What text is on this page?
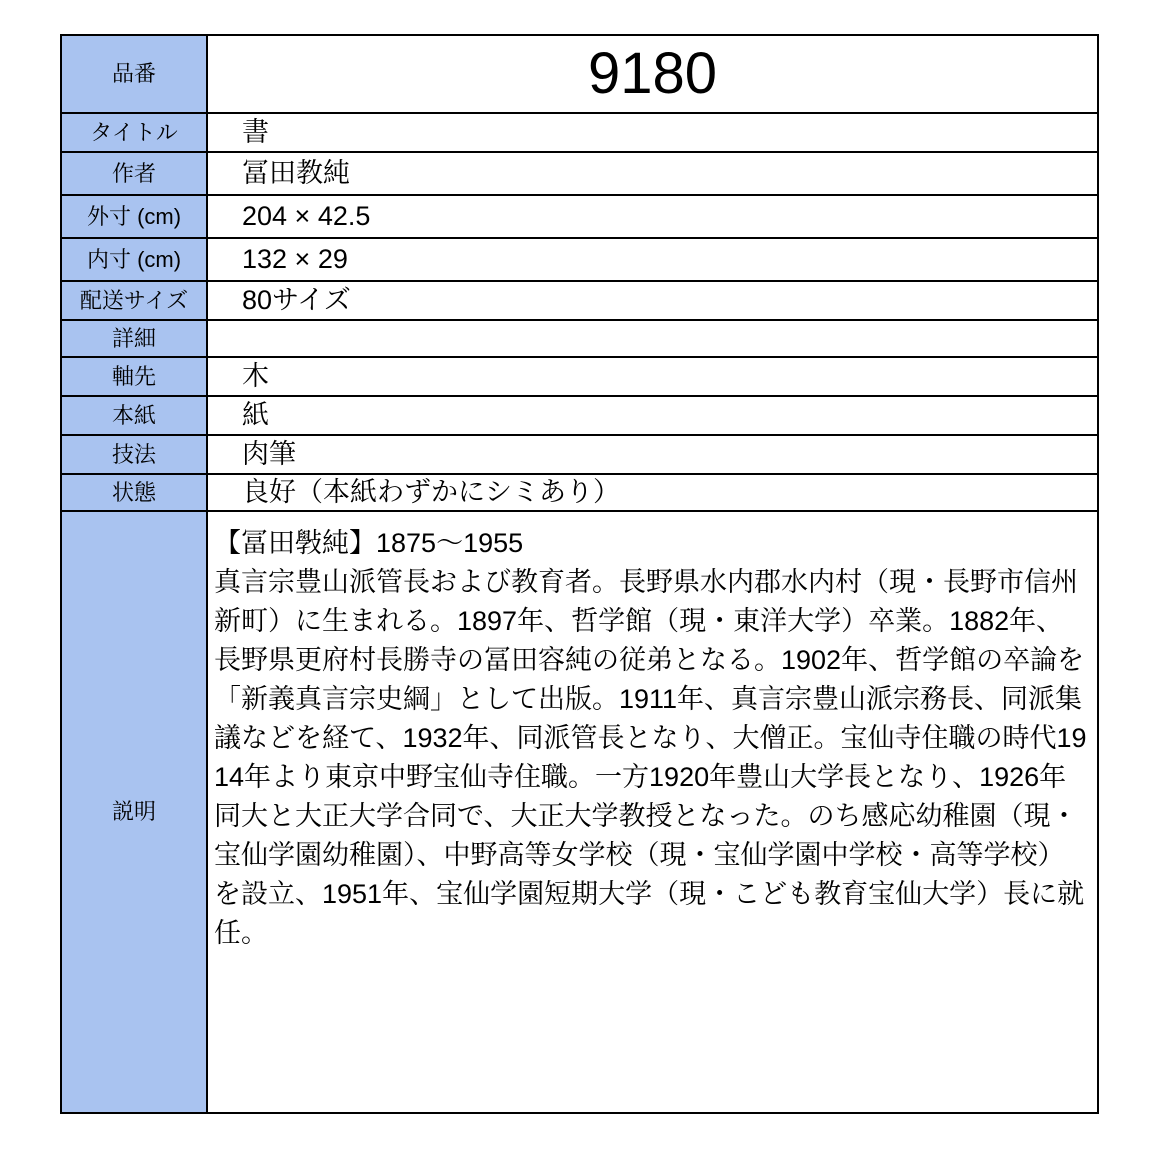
品番	9180
タイトル	書
作者	冨田教純
外寸 (cm)	204 × 42.5
内寸 (cm)	132 × 29
配送サイズ	80サイズ
詳細	
軸先	木
本紙	紙
技法	肉筆
状態	良好（本紙わずかにシミあり）
説明	【冨田斅純】1875〜1955
真言宗豊山派管長および教育者。長野県水内郡水内村（現・長野市信州新町）に生まれる。1897年、哲学館（現・東洋大学）卒業。1882年、長野県更府村長勝寺の冨田容純の従弟となる。1902年、哲学館の卒論を「新義真言宗史綱」として出版。1911年、真言宗豊山派宗務長、同派集議などを経て、1932年、同派管長となり、大僧正。宝仙寺住職の時代1914年より東京中野宝仙寺住職。一方1920年豊山大学長となり、1926年同大と大正大学合同で、大正大学教授となった。のち感応幼稚園（現・宝仙学園幼稚園）、中野高等女学校（現・宝仙学園中学校・高等学校）を設立、1951年、宝仙学園短期大学（現・こども教育宝仙大学）長に就任。
